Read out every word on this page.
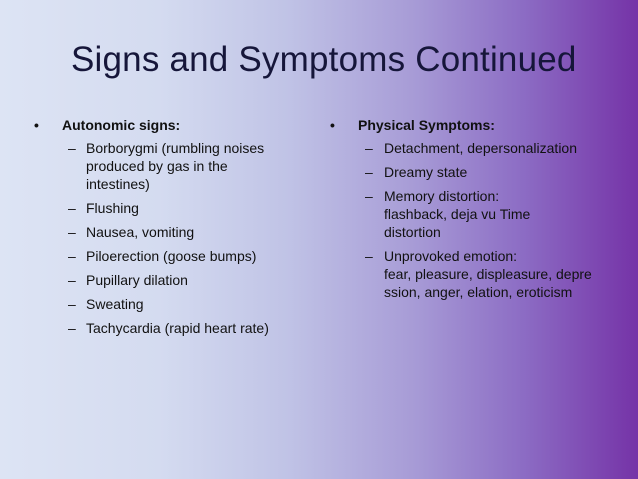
Signs and Symptoms Continued
• Autonomic signs:
– Borborygmi (rumbling noises
produced by gas in the
intestines)
– Flushing
– Nausea, vomiting
– Piloerection (goose bumps)
– Pupillary dilation
– Sweating
– Tachycardia (rapid heart rate)
• Physical Symptoms:
– Detachment, depersonalization
– Dreamy state
– Memory distortion:
flashback, deja vu Time
distortion
– Unprovoked emotion:
fear, pleasure, displeasure, depre
ssion, anger, elation, eroticism
